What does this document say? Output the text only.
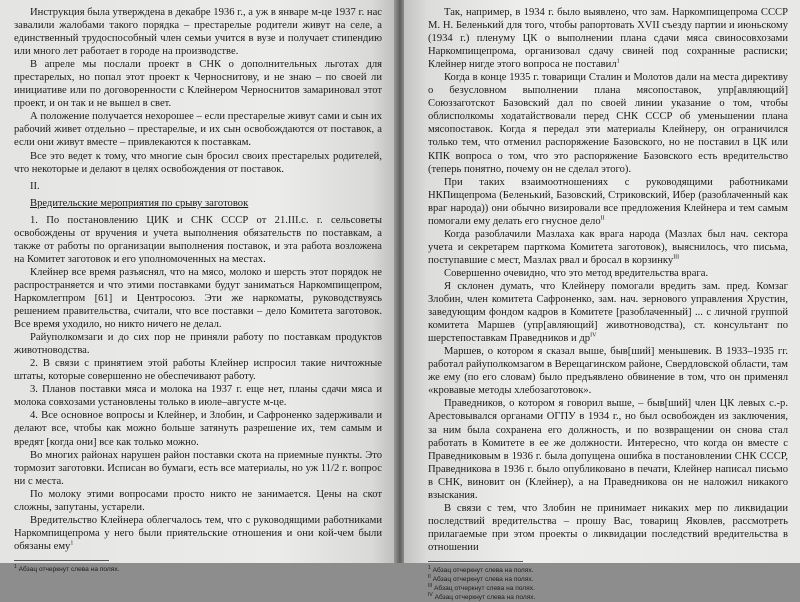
Инструкция была утверждена в декабре 1936 г., а уж в январе м-це 1937 г. нас завалили жалобами такого порядка – престарелые родители живут на селе, а единственный трудоспособный член семьи учится в вузе и получает стипендию или много лет работает в городе на производстве.

В апреле мы послали проект в СНК о дополнительных льготах для престарелых, но попал этот проект к Черноснитову, и не знаю – по своей ли инициативе или по договоренности с Клейнером Черноснитов замариновал этот проект, и он так и не вышел в свет.

А положение получается нехорошее – если престарелые живут сами и сын их рабочий живет отдельно – престарелые, и их сын освобождаются от поставок, а если они живут вместе – привлекаются к поставкам.

Все это ведет к тому, что многие сын бросил своих престарелых родителей, что некоторые и делают в целях освобождения от поставок.

II.
Вредительские мероприятия по срыву заготовок

1. По постановлению ЦИК и СНК СССР от 21.III.с. г. сельсоветы освобождены от вручения и учета выполнения обязательств по поставкам, а также от работы по организации выполнения поставок, и эта работа возложена на Комитет заготовок и его уполномоченных на местах.

Клейнер все время разъяснял, что на мясо, молоко и шерсть этот порядок не распространяется и что этими поставками будут заниматься Наркомпищепром, Наркомлегпром [61] и Центросоюз. Эти же наркоматы, руководствуясь решением правительства, считали, что все поставки – дело Комитета заготовок. Все время уходило, но никто ничего не делал.

Райуполкомзаги и до сих пор не приняли работу по поставкам продуктов животноводства.

2. В связи с принятием этой работы Клейнер испросил такие ничтожные штаты, которые совершенно не обеспечивают работу.

3. Планов поставки мяса и молока на 1937 г. еще нет, планы сдачи мяса и молока совхозами установлены только в июле–августе м-це.

4. Все основное вопросы и Клейнер, и Злобин, и Сафроненко задерживали и делают все, чтобы как можно больше затянуть разрешение их, тем самым и вредят [когда они] все как только можно.

Во многих районах нарушен район поставки скота на приемные пункты. Это тормозит заготовки. Исписан во бумаги, есть все материалы, но уж 11/2 г. вопрос ни с места.

По молоку этими вопросами просто никто не занимается. Цены на скот сложны, запутаны, устарели.

Вредительство Клейнера облегчалось тем, что с руководящими работниками Наркомпищепрома у него были приятельские отношения и они кой-чем были обязаны ему$^1$

$^1$ Абзац отчеркнут слева на полях.

Так, например, в 1934 г. было выявлено, что зам. Наркомпищепрома СССР М. Н. Беленький для того, чтобы рапортовать XVII съезду партии и июньскому (1934 г.) пленуму ЦК о выполнении плана сдачи мяса свиносовхозами Наркомпищепрома, организовал сдачу свиней под сохранные расписки; Клейнер нигде этого вопроса не поставил$^1$

Когда в конце 1935 г. товарищи Сталин и Молотов дали на места директиву о безусловном выполнении плана мясопоставок, упр[авляющий] Союззаготскот Базовский дал по своей линии указание о том, чтобы облисполкомы ходатайствовали перед СНК СССР об уменьшении плана мясопоставок. Когда я передал эти материалы Клейнеру, он ограничился только тем, что отменил распоряжение Базовского, но не поставил в ЦК или КПК вопроса о том, что это распоряжение Базовского есть вредительство (теперь понятно, почему он не сделал этого).

При таких взаимоотношениях с руководящими работниками НКПищепрома (Беленький, Базовский, Стриковский, Ибер (разоблаченный как враг народа)) они обычно визировали все предложения Клейнера и тем самым помогали ему делать его гнусное дело$^{II}$

Когда разоблачили Мазлаха как врага народа (Мазлах был нач. сектора учета и секретарем парткома Комитета заготовок), выяснилось, что письма, поступавшие с мест, Мазлах рвал и бросал в корзинку$^{III}$

Совершенно очевидно, что это метод вредительства врага.

Я склонен думать, что Клейнеру помогали вредить зам. пред. Комзаг Злобин, член комитета Сафроненко, зам. нач. зернового управления Хрустин, заведующим фондом кадров в Комитете [разоблаченный] ... с личной группой комитета Маршев (упр[авляющий] животноводства), ст. консультант по шерстепоставкам Праведников и $др^{IV}$

Маршев, о котором я сказал выше, быв[ший] меньшевик. В 1933–1935 гг. работал райуполкомзагом в Верещагинском районе, Свердловской области, там же ему (по его словам) было предъявлено обвинение в том, что он применял «кровавые методы хлебозаготовок».

Праведников, о котором я говорил выше, – быв[ший] член ЦК левых с.-р. Арестовывался органами ОГПУ в 1934 г., но был освобожден из заключения, за ним была сохранена его должность, и по возвращении он снова стал работать в Комитете в ее же должности. Интересно, что когда он вместе с Праведниковым в 1936 г. была допущена ошибка в постановлении СНК СССР, Праведникова в 1936 г. было опубликовано в печати, Клейнер написал письмо в СНК, виновит он (Клейнер), а на Праведникова он не наложил никакого взыскания.

В связи с тем, что Злобин не принимает никаких мер по ликвидации последствий вредительства – прошу Вас, товарищ Яковлев, рассмотреть прилагаемые при этом проекты о ликвидации последствий вредительства в отношении

$^1$ Абзац отчеркнут слева на полях.
$^{II}$ Абзац отчеркнут слева на полях.
$^{III}$ Абзац отчеркнут слева на полях.
$^{IV}$ Абзац отчеркнут слева на полях.
